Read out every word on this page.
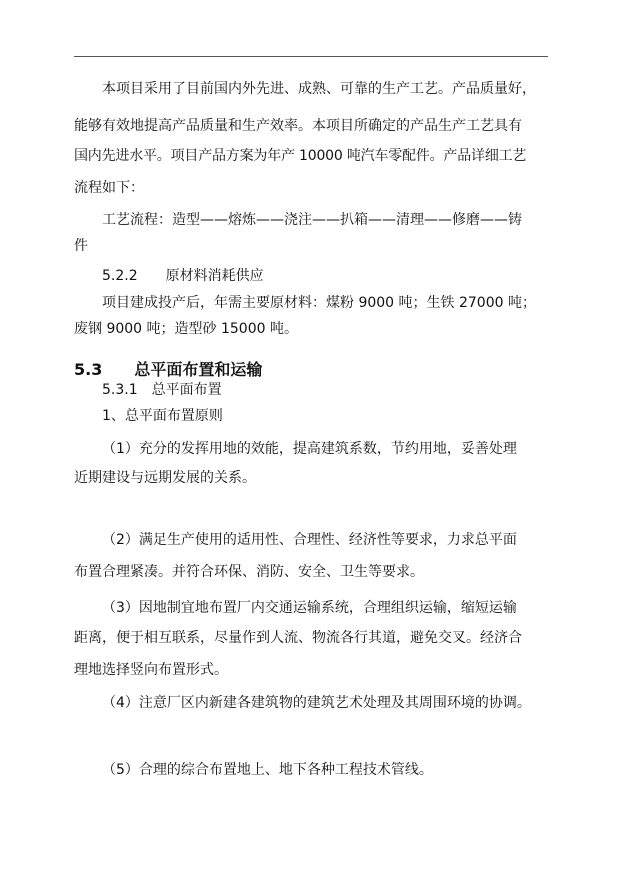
本项目采用了目前国内外先进、成熟、可靠的生产工艺。产品质量好，
能够有效地提高产品质量和生产效率。本项目所确定的产品生产工艺具有
国内先进水平。项目产品方案为年产 10000 吨汽车零配件。产品详细工艺
流程如下：
工艺流程：造型——熔炼——浇注——扒箱——清理——修磨——铸
件
5.2.2　　原材料消耗供应
项目建成投产后，年需主要原材料：煤粉 9000 吨；生铁 27000 吨；
废钢 9000 吨；造型砂 15000 吨。
5.3　　总平面布置和运输
5.3.1　总平面布置
1、总平面布置原则
（1）充分的发挥用地的效能，提高建筑系数，节约用地，妥善处理
近期建设与远期发展的关系。
（2）满足生产使用的适用性、合理性、经济性等要求，力求总平面
布置合理紧凑。并符合环保、消防、安全、卫生等要求。
（3）因地制宜地布置厂内交通运输系统，合理组织运输，缩短运输
距离，便于相互联系，尽量作到人流、物流各行其道，避免交叉。经济合
理地选择竖向布置形式。
（4）注意厂区内新建各建筑物的建筑艺术处理及其周围环境的协调。
（5）合理的综合布置地上、地下各种工程技术管线。
